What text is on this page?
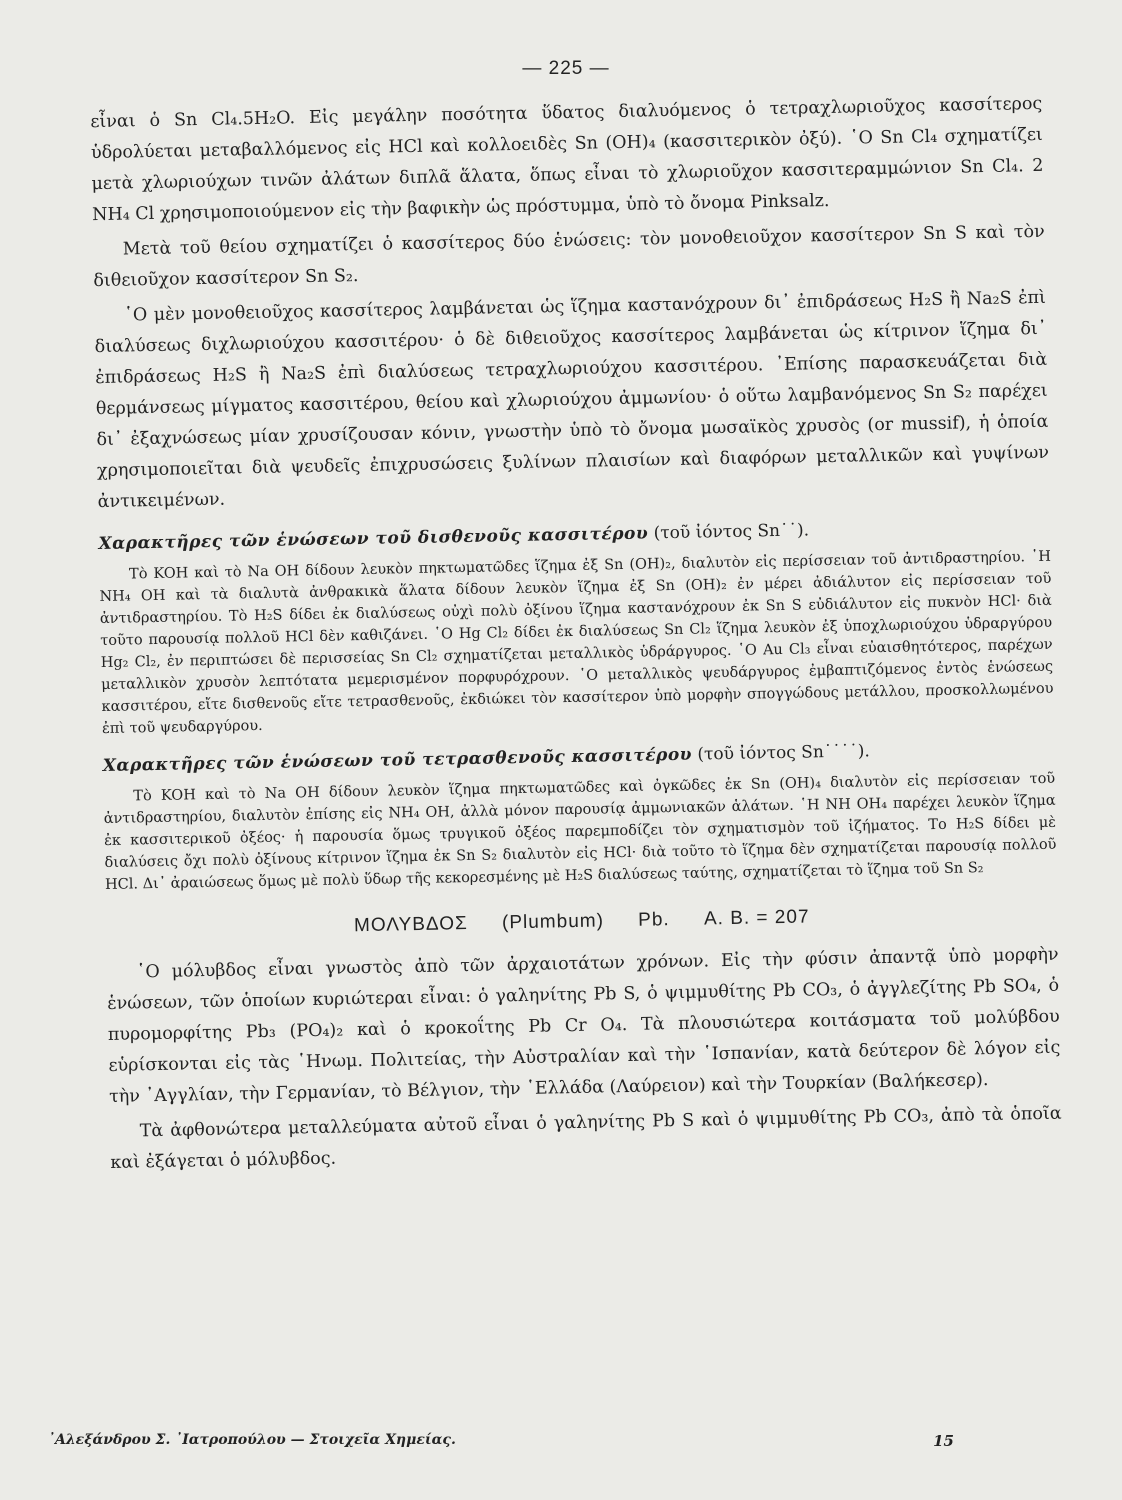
— 225 —

εἶναι ὁ Sn Cl₄.5H₂O. Εἰς μεγάλην ποσότητα ὕδατος διαλυόμενος ὁ τετραχλωριοῦχος κασσίτερος ὑδρολύεται μεταβαλλόμενος εἰς HCl καὶ κολλοειδὲς Sn (OH)₄ (κασσιτερικὸν ὀξύ). ῾Ο Sn Cl₄ σχηματίζει μετὰ χλωριούχων τινῶν ἀλάτων διπλᾶ ἅλατα, ὅπως εἶναι τὸ χλωριοῦχον κασσιτεραμμώνιον Sn Cl₄. 2 NH₄ Cl χρησιμοποιούμενον εἰς τὴν βαφικὴν ὡς πρόστυμμα, ὑπὸ τὸ ὄνομα Pinksalz.

Μετὰ τοῦ θείου σχηματίζει ὁ κασσίτερος δύο ἑνώσεις: τὸν μονοθειοῦχον κασσίτερον Sn S καὶ τὸν διθειοῦχον κασσίτερον Sn S₂.

῾Ο μὲν μονοθειοῦχος κασσίτερος λαμβάνεται ὡς ἵζημα καστανόχρουν δι᾿ ἐπιδράσεως H₂S ἢ Na₂S ἐπὶ διαλύσεως διχλωριούχου κασσιτέρου· ὁ δὲ διθειοῦχος κασσίτερος λαμβάνεται ὡς κίτρινον ἵζημα δι᾿ ἐπιδράσεως H₂S ἢ Na₂S ἐπὶ διαλύσεως τετραχλωριούχου κασσιτέρου. ᾿Επίσης παρασκευάζεται διὰ θερμάνσεως μίγματος κασσιτέρου, θείου καὶ χλωριούχου ἀμμωνίου· ὁ οὕτω λαμβανόμενος Sn S₂ παρέχει δι᾿ ἐξαχνώσεως μίαν χρυσίζουσαν κόνιν, γνωστὴν ὑπὸ τὸ ὄνομα μωσαϊκὸς χρυσὸς (or mussif), ἡ ὁποία χρησιμοποιεῖται διὰ ψευδεῖς ἐπιχρυσώσεις ξυλίνων πλαισίων καὶ διαφόρων μεταλλικῶν καὶ γυψίνων ἀντικειμένων.

Χαρακτῆρες τῶν ἑνώσεων τοῦ δισθενοῦς κασσιτέρου (τοῦ ἰόντος Sn˙˙).

Τὸ KOH καὶ τὸ Na OH δίδουν λευκὸν πηκτωματῶδες ἵζημα ἐξ Sn (OH)₂, διαλυτὸν εἰς περίσσειαν τοῦ ἀντιδραστηρίου. ῾Η NH₄ OH καὶ τὰ διαλυτὰ ἀνθρακικὰ ἅλατα δίδουν λευκὸν ἵζημα ἐξ Sn (OH)₂ ἐν μέρει ἀδιάλυτον εἰς περίσσειαν τοῦ ἀντιδραστηρίου. Τὸ H₂S δίδει ἐκ διαλύσεως οὐχὶ πολὺ ὀξίνου ἵζημα καστανόχρουν ἐκ Sn S εὐδιάλυτον εἰς πυκνὸν HCl· διὰ τοῦτο παρουσίᾳ πολλοῦ HCl δὲν καθιζάνει. ῾Ο Hg Cl₂ δίδει ἐκ διαλύσεως Sn Cl₂ ἵζημα λευκὸν ἐξ ὑποχλωριούχου ὑδραργύρου Hg₂ Cl₂, ἐν περιπτώσει δὲ περισσείας Sn Cl₂ σχηματίζεται μεταλλικὸς ὑδράργυρος. ῾Ο Au Cl₃ εἶναι εὐαισθητότερος, παρέχων μεταλλικὸν χρυσὸν λεπτότατα μεμερισμένον πορφυρόχρουν. ῾Ο μεταλλικὸς ψευδάργυρος ἐμβαπτιζόμενος ἐντὸς ἑνώσεως κασσιτέρου, εἴτε δισθενοῦς εἴτε τετρασθενοῦς, ἐκδιώκει τὸν κασσίτερον ὑπὸ μορφὴν σπογγώδους μετάλλου, προσκολλωμένου ἐπὶ τοῦ ψευδαργύρου.

Χαρακτῆρες τῶν ἑνώσεων τοῦ τετρασθενοῦς κασσιτέρου (τοῦ ἰόντος Sn˙˙˙˙).

Τὸ KOH καὶ τὸ Na OH δίδουν λευκὸν ἵζημα πηκτωματῶδες καὶ ὀγκῶδες ἐκ Sn (OH)₄ διαλυτὸν εἰς περίσσειαν τοῦ ἀντιδραστηρίου, διαλυτὸν ἐπίσης εἰς NH₄ OH, ἀλλὰ μόνον παρουσίᾳ ἀμμωνιακῶν ἁλάτων. ῾Η NH OH₄ παρέχει λευκὸν ἵζημα ἐκ κασσιτερικοῦ ὀξέος· ἡ παρουσία ὅμως τρυγικοῦ ὀξέος παρεμποδίζει τὸν σχηματισμὸν τοῦ ἰζήματος. Το H₂S δίδει μὲ διαλύσεις ὄχι πολὺ ὀξίνους κίτρινον ἵζημα ἐκ Sn S₂ διαλυτὸν εἰς HCl· διὰ τοῦτο τὸ ἵζημα δὲν σχηματίζεται παρουσίᾳ πολλοῦ HCl. Δι᾿ ἀραιώσεως ὅμως μὲ πολὺ ὕδωρ τῆς κεκορεσμένης μὲ H₂S διαλύσεως ταύτης, σχηματίζεται τὸ ἵζημα τοῦ Sn S₂

ΜΟΛΥΒΔΟΣ (Plumbum) Pb. Α. Β. = 207

῾Ο μόλυβδος εἶναι γνωστὸς ἀπὸ τῶν ἀρχαιοτάτων χρόνων. Εἰς τὴν φύσιν ἀπαντᾷ ὑπὸ μορφὴν ἑνώσεων, τῶν ὁποίων κυριώτεραι εἶναι: ὁ γαληνίτης Pb S, ὁ ψιμμυθίτης Pb CO₃, ὁ ἀγγλεζίτης Pb SO₄, ὁ πυρομορφίτης Pb₃ (PO₄)₂ καὶ ὁ κροκοΐτης Pb Cr O₄. Τὰ πλουσιώτερα κοιτάσματα τοῦ μολύβδου εὑρίσκονται εἰς τὰς ῾Ηνωμ. Πολιτείας, τὴν Αὐστραλίαν καὶ τὴν ῾Ισπανίαν, κατὰ δεύτερον δὲ λόγον εἰς τὴν ᾿Αγγλίαν, τὴν Γερμανίαν, τὸ Βέλγιον, τὴν ῾Ελλάδα (Λαύρειον) καὶ τὴν Τουρκίαν (Βαλήκεσερ).

Τὰ ἀφθονώτερα μεταλλεύματα αὐτοῦ εἶναι ὁ γαληνίτης Pb S καὶ ὁ ψιμμυθίτης Pb CO₃, ἀπὸ τὰ ὁποῖα καὶ ἐξάγεται ὁ μόλυβδος.

᾿Αλεξάνδρου Σ. ᾿Ιατροπούλου — Στοιχεῖα Χημείας.	15
